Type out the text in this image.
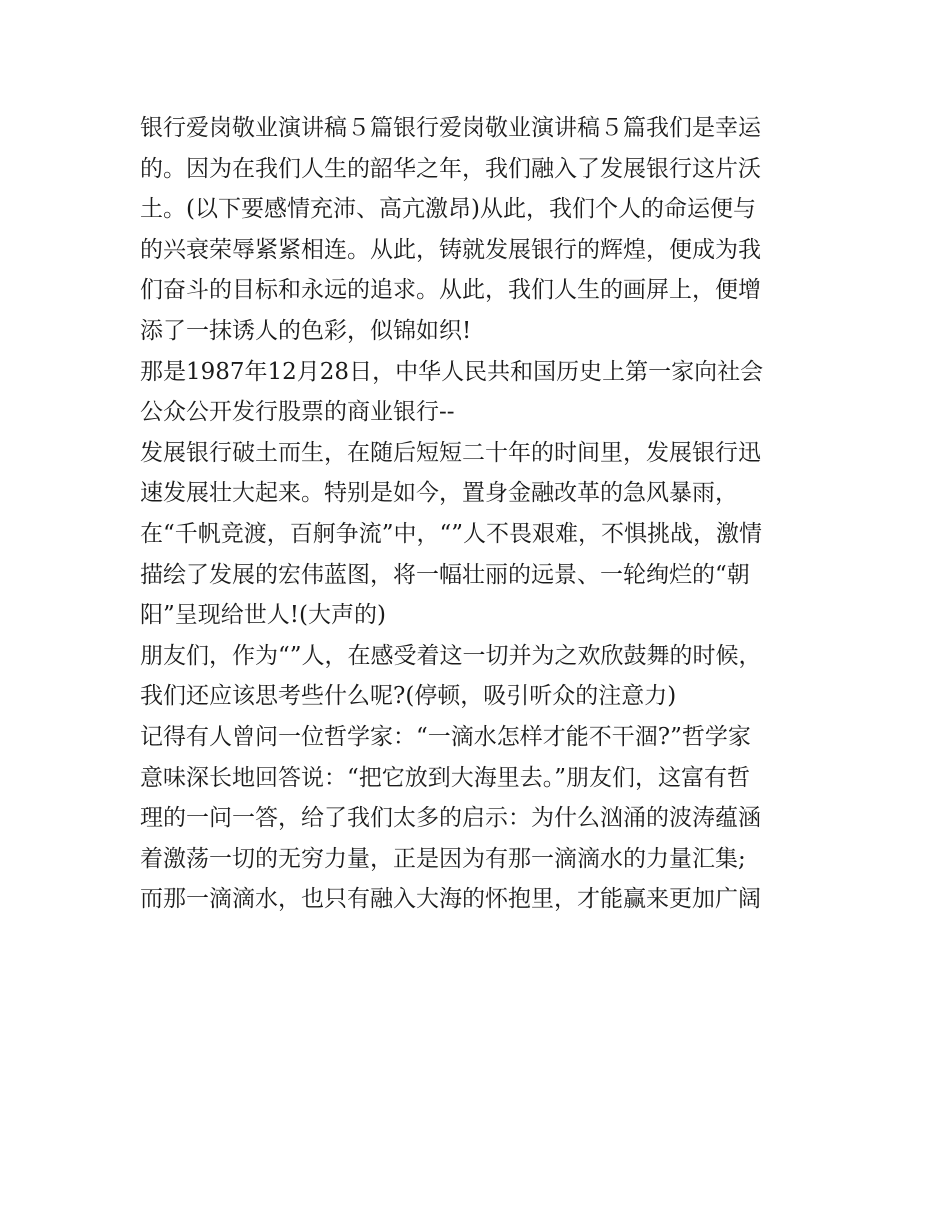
银行爱岗敬业演讲稿５篇银行爱岗敬业演讲稿５篇我们是幸运
的。因为在我们人生的韶华之年，我们融入了发展银行这片沃
土。(以下要感情充沛、高亢激昂)从此，我们个人的命运便与
的兴衰荣辱紧紧相连。从此，铸就发展银行的辉煌，便成为我
们奋斗的目标和永远的追求。从此，我们人生的画屏上，便增
添了一抹诱人的色彩，似锦如织!
那是1987年12月28日，中华人民共和国历史上第一家向社会
公众公开发行股票的商业银行--
发展银行破土而生，在随后短短二十年的时间里，发展银行迅
速发展壮大起来。特别是如今，置身金融改革的急风暴雨，
在“千帆竞渡，百舸争流”中，“”人不畏艰难，不惧挑战，激情
描绘了发展的宏伟蓝图，将一幅壮丽的远景、一轮绚烂的“朝
阳”呈现给世人!(大声的)
朋友们，作为“”人，在感受着这一切并为之欢欣鼓舞的时候，
我们还应该思考些什么呢?(停顿，吸引听众的注意力)
记得有人曾问一位哲学家：“一滴水怎样才能不干涸?”哲学家
意味深长地回答说：“把它放到大海里去。”朋友们，这富有哲
理的一问一答，给了我们太多的启示：为什么汹涌的波涛蕴涵
着激荡一切的无穷力量，正是因为有那一滴滴水的力量汇集;
而那一滴滴水，也只有融入大海的怀抱里，才能赢来更加广阔
